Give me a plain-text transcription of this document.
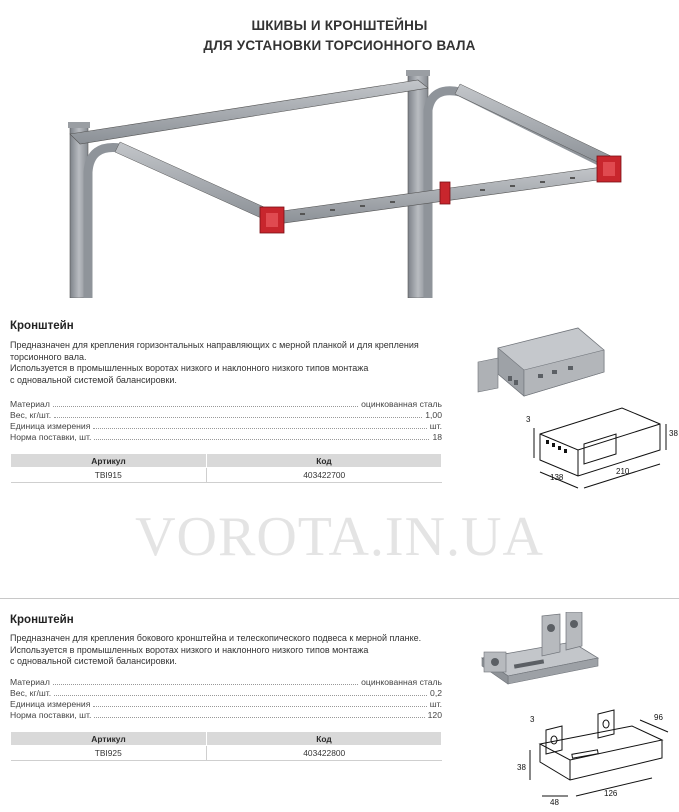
ШКИВЫ И КРОНШТЕЙНЫ
ДЛЯ УСТАНОВКИ ТОРСИОННОГО ВАЛА
Кронштейн
Предназначен для крепления горизонтальных направляющих с мерной планкой и для крепления
торсионного вала.
Используется в промышленных воротах низкого и наклонного низкого типов монтажа
с одновальной системой балансировки.
Материал	оцинкованная сталь
Вес, кг/шт.	1,00
Единица измерения	шт.
Норма поставки, шт.	18
Артикул	Код
TBI915	403422700
3
38
138
210
VOROTA.IN.UA
Кронштейн
Предназначен для крепления бокового кронштейна и телескопического подвеса к мерной планке.
Используется в промышленных воротах низкого и наклонного низкого типов монтажа
с одновальной системой балансировки.
Материал	оцинкованная сталь
Вес, кг/шт.	0,2
Единица измерения	шт.
Норма поставки, шт.	120
Артикул	Код
TBI925	403422800
3
38
48
126
96
